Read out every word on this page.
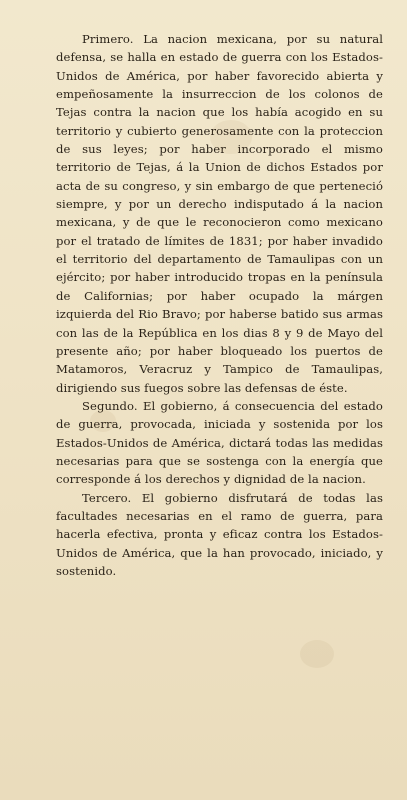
Primero. La nacion mexicana, por su natural defensa, se halla en estado de guerra con los Estados-Unidos de América, por haber favorecido abierta y empeñosamente la insurreccion de los colonos de Tejas contra la nacion que los había acogido en su territorio y cubierto generosamente con la proteccion de sus leyes; por haber incorporado el mismo territorio de Tejas, á la Union de dichos Estados por acta de su congreso, y sin embargo de que perteneció siempre, y por un derecho indisputado á la nacion mexicana, y de que le reconocieron como mexicano por el tratado de límites de 1831; por haber invadido el territorio del departamento de Tamaulipas con un ejército; por haber introducido tropas en la península de Californias; por haber ocupado la márgen izquierda del Rio Bravo; por haberse batido sus armas con las de la República en los dias 8 y 9 de Mayo del presente año; por haber bloqueado los puertos de Matamoros, Veracruz y Tampico de Tamaulipas, dirigiendo sus fuegos sobre las defensas de éste.

Segundo. El gobierno, á consecuencia del estado de guerra, provocada, iniciada y sostenida por los Estados-Unidos de América, dictará todas las medidas necesarias para que se sostenga con la energía que corresponde á los derechos y dignidad de la nacion.

Tercero. El gobierno disfrutará de todas las facultades necesarias en el ramo de guerra, para hacerla efectiva, pronta y eficaz contra los Estados-Unidos de América, que la han provocado, iniciado, y sostenido.
